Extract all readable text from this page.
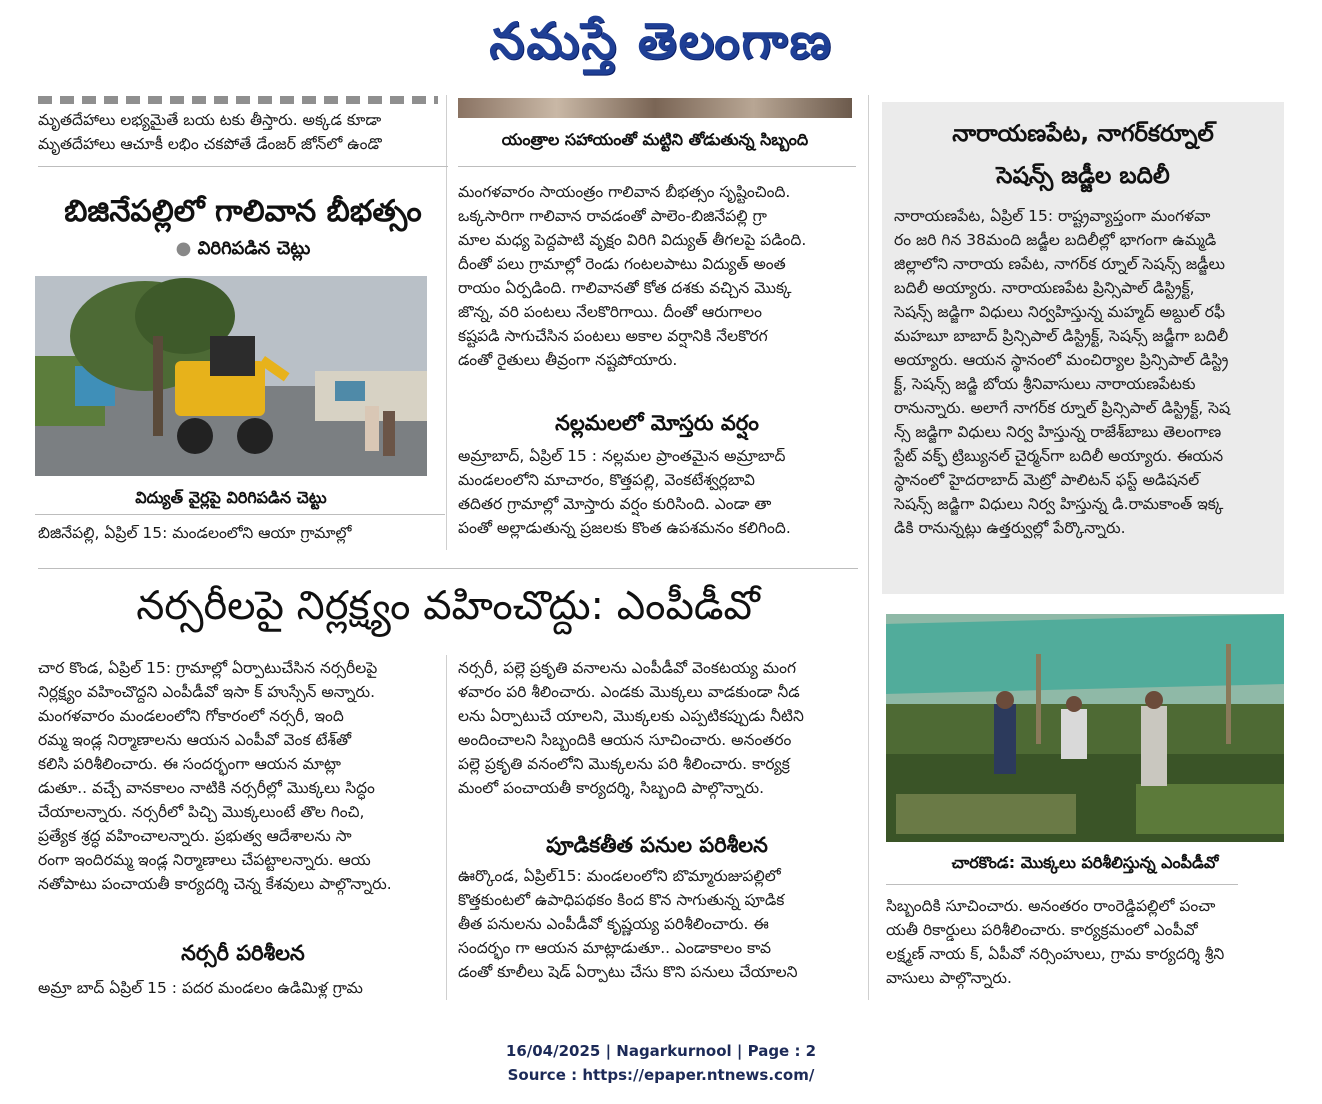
నమస్తే తెలంగాణ
మృతదేహాలు లభ్యమైతే బయ టకు తీస్తారు. అక్కడ కూడా
మృతదేహాలు ఆచూకీ లభిం చకపోతే డేంజర్ జోన్‌లో ఉండొ	యంత్రాల సహాయంతో మట్టిని తోడుతున్న సిబ్బంది
బిజినేపల్లిలో గాలివాన బీభత్సం
● విరిగిపడిన చెట్లు
విద్యుత్ వైర్లపై విరిగిపడిన చెట్టు
బిజినేపల్లి, ఏప్రిల్ 15: మండలంలోని ఆయా గ్రామాల్లో
మంగళవారం సాయంత్రం గాలివాన బీభత్సం సృష్టించింది.
ఒక్కసారిగా గాలివాన రావడంతో పాలెం-బిజినేపల్లి గ్రా
మాల మధ్య పెద్దపాటి వృక్షం విరిగి విద్యుత్ తీగలపై పడింది.
దీంతో పలు గ్రామాల్లో రెండు గంటలపాటు విద్యుత్ అంత
రాయం ఏర్పడింది. గాలివానతో కోత దశకు వచ్చిన మొక్క
జొన్న, వరి పంటలు నేలకొరిగాయి. దీంతో ఆరుగాలం
కష్టపడి సాగుచేసిన పంటలు అకాల వర్షానికి నేలకొరగ
డంతో రైతులు తీవ్రంగా నష్టపోయారు.
నల్లమలలో మోస్తరు వర్షం
అమ్రాబాద్, ఏప్రిల్ 15 : నల్లమల ప్రాంతమైన అమ్రాబాద్
మండలంలోని మాచారం, కొత్తపల్లి, వెంకటేశ్వర్లబావి
తదితర గ్రామాల్లో మోస్తారు వర్షం కురిసింది. ఎండా తా
పంతో అల్లాడుతున్న ప్రజలకు కొంత ఉపశమనం కలిగింది.
నారాయణపేట, నాగర్‌కర్నూల్
సెషన్స్ జడ్జీల బదిలీ
నారాయణపేట, ఏప్రిల్ 15: రాష్ట్రవ్యాప్తంగా మంగళవా
రం జరి గిన 38మంది జడ్జీల బదిలీల్లో భాగంగా ఉమ్మడి
జిల్లాలోని నారాయ ణపేట, నాగర్‌క ర్నూల్ సెషన్స్ జడ్జీలు
బదిలీ అయ్యారు. నారాయణపేట ప్రిన్సిపాల్ డిస్ట్రిక్ట్,
సెషన్స్ జడ్జిగా విధులు నిర్వహిస్తున్న మహ్మద్ అబ్దుల్ రఫీ
మహబూ బాబాద్ ప్రిన్సిపాల్ డిస్ట్రిక్ట్, సెషన్స్ జడ్జీగా బదిలీ
అయ్యారు. ఆయన స్థానంలో మంచిర్యాల ప్రిన్సిపాల్ డిస్ట్రి
క్ట్, సెషన్స్ జడ్జి బోయ శ్రీనివాసులు నారాయణపేటకు
రానున్నారు. అలాగే నాగర్‌క ర్నూల్ ప్రిన్సిపాల్ డిస్ట్రిక్ట్, సెష
న్స్ జడ్జిగా విధులు నిర్వ హిస్తున్న రాజేశ్‌బాబు తెలంగాణ
స్టేట్ వక్ఫ్ ట్రిబ్యునల్ చైర్మన్‌గా బదిలీ అయ్యారు. ఈయన
స్థానంలో హైదరాబాద్ మెట్రో పాలిటన్ ఫస్ట్ అడిషనల్
సెషన్స్ జడ్జిగా విధులు నిర్వ హిస్తున్న డి.రామకాంత్ ఇక్క
డికి రానున్నట్లు ఉత్తర్వుల్లో పేర్కొన్నారు.
నర్సరీలపై నిర్లక్ష్యం వహించొద్దు: ఎంపీడీవో
చార కొండ, ఏప్రిల్ 15: గ్రామాల్లో ఏర్పాటుచేసిన నర్సరీలపై
నిర్లక్ష్యం వహించొద్దని ఎంపీడీవో ఇసా క్ హుస్సేన్ అన్నారు.
మంగళవారం మండలంలోని గోకారంలో నర్సరీ, ఇంది
రమ్మ ఇండ్ల నిర్మాణాలను ఆయన ఎంపీవో వెంక టేశ్‌తో
కలిసి పరిశీలించారు. ఈ సందర్భంగా ఆయన మాట్లా
డుతూ.. వచ్చే వానకాలం నాటికి నర్సరీల్లో మొక్కలు సిద్ధం
చేయాలన్నారు. నర్సరీలో పిచ్చి మొక్కలుంటే తొల గించి,
ప్రత్యేక శ్రద్ధ వహించాలన్నారు. ప్రభుత్వ ఆదేశాలను సా
రంగా ఇందిరమ్మ ఇండ్ల నిర్మాణాలు చేపట్టాలన్నారు. ఆయ
నతోపాటు పంచాయతీ కార్యదర్శి చెన్న కేశవులు పాల్గొన్నారు.
నర్సరీ, పల్లె ప్రకృతి వనాలను ఎంపీడీవో వెంకటయ్య మంగ
ళవారం పరి శీలించారు. ఎండకు మొక్కలు వాడకుండా నీడ
లను ఏర్పాటుచే యాలని, మొక్కలకు ఎప్పటికప్పుడు నీటిని
అందించాలని సిబ్బందికి ఆయన సూచించారు. అనంతరం
పల్లె ప్రకృతి వనంలోని మొక్కలను పరి శీలించారు. కార్యక్ర
మంలో పంచాయతీ కార్యదర్శి, సిబ్బంది పాల్గొన్నారు.
చారకొండ: మొక్కలు పరిశీలిస్తున్న ఎంపీడీవో
సిబ్బందికి సూచించారు. అనంతరం రాంరెడ్డిపల్లిలో పంచా
యతీ రికార్డులు పరిశీలించారు. కార్యక్రమంలో ఎంపీవో
లక్ష్మణ్ నాయ క్, ఏపీవో నర్సింహులు, గ్రామ కార్యదర్శి శ్రీని
వాసులు పాల్గొన్నారు.
నర్సరీ పరిశీలన
అమ్రా బాద్ ఏప్రిల్ 15 : పదర మండలం ఉడిమిళ్ల గ్రామ
పూడికతీత పనుల పరిశీలన
ఊర్కొండ, ఏప్రిల్15: మండలంలోని బొమ్మారుజుపల్లిలో
కొత్తకుంటలో ఉపాధిపథకం కింద కొన సాగుతున్న పూడిక
తీత పనులను ఎంపీడీవో కృష్ణయ్య పరిశీలించారు. ఈ
సందర్భం గా ఆయన మాట్లాడుతూ.. ఎండాకాలం కావ
డంతో కూలీలు షెడ్ ఏర్పాటు చేసు కొని పనులు చేయాలని
16/04/2025 | Nagarkurnool | Page : 2
Source : https://epaper.ntnews.com/
